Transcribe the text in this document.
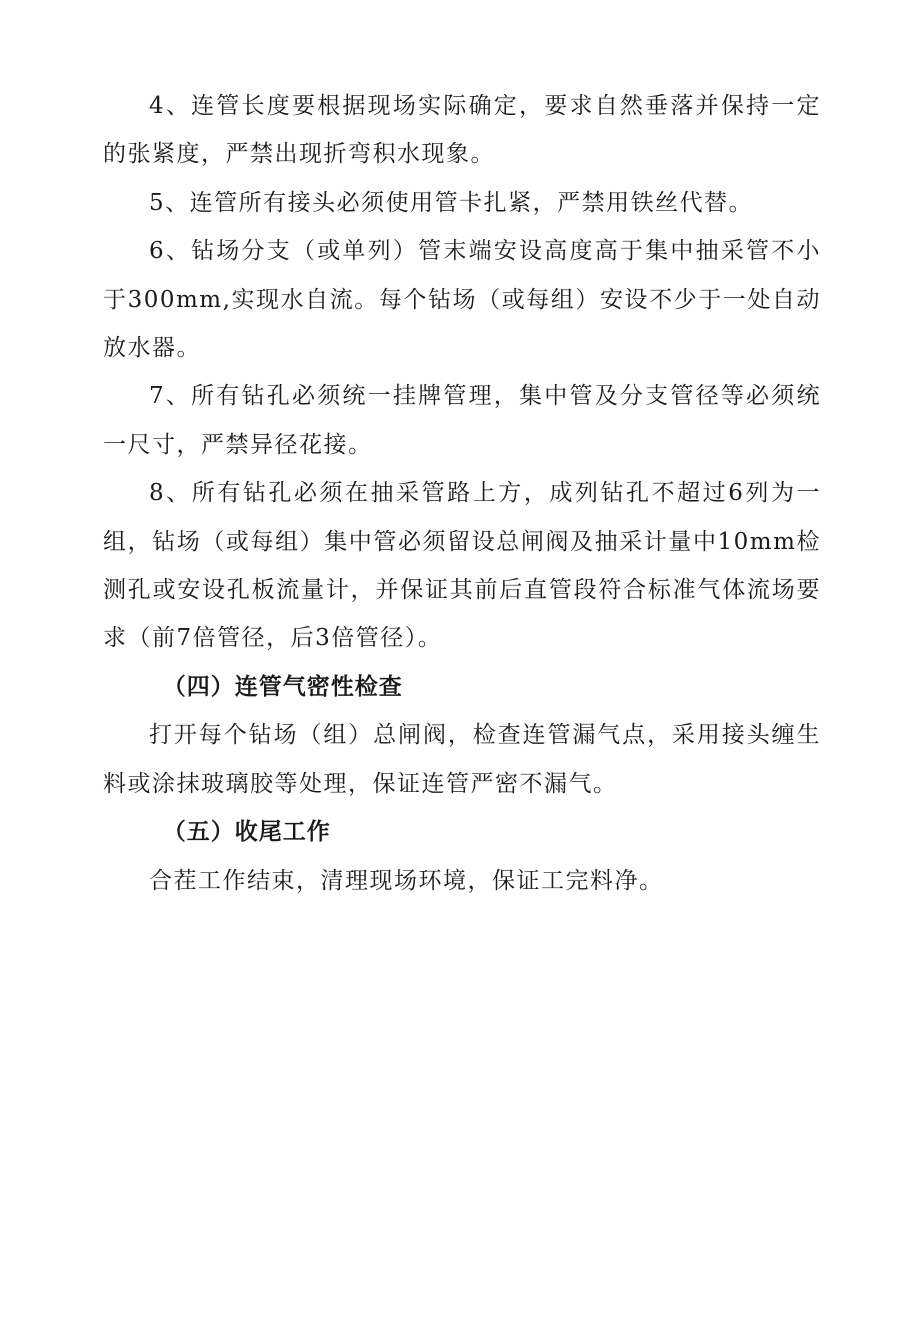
4、连管长度要根据现场实际确定，要求自然垂落并保持一定的张紧度，严禁出现折弯积水现象。

5、连管所有接头必须使用管卡扎紧，严禁用铁丝代替。

6、钻场分支（或单列）管末端安设高度高于集中抽采管不小于300mm,实现水自流。每个钻场（或每组）安设不少于一处自动放水器。

7、所有钻孔必须统一挂牌管理，集中管及分支管径等必须统一尺寸，严禁异径花接。

8、所有钻孔必须在抽采管路上方，成列钻孔不超过6列为一组，钻场（或每组）集中管必须留设总闸阀及抽采计量中10mm检测孔或安设孔板流量计，并保证其前后直管段符合标准气体流场要求（前7倍管径，后3倍管径）。

（四）连管气密性检查

打开每个钻场（组）总闸阀，检查连管漏气点，采用接头缠生料或涂抹玻璃胶等处理，保证连管严密不漏气。

（五）收尾工作

合茬工作结束，清理现场环境，保证工完料净。
